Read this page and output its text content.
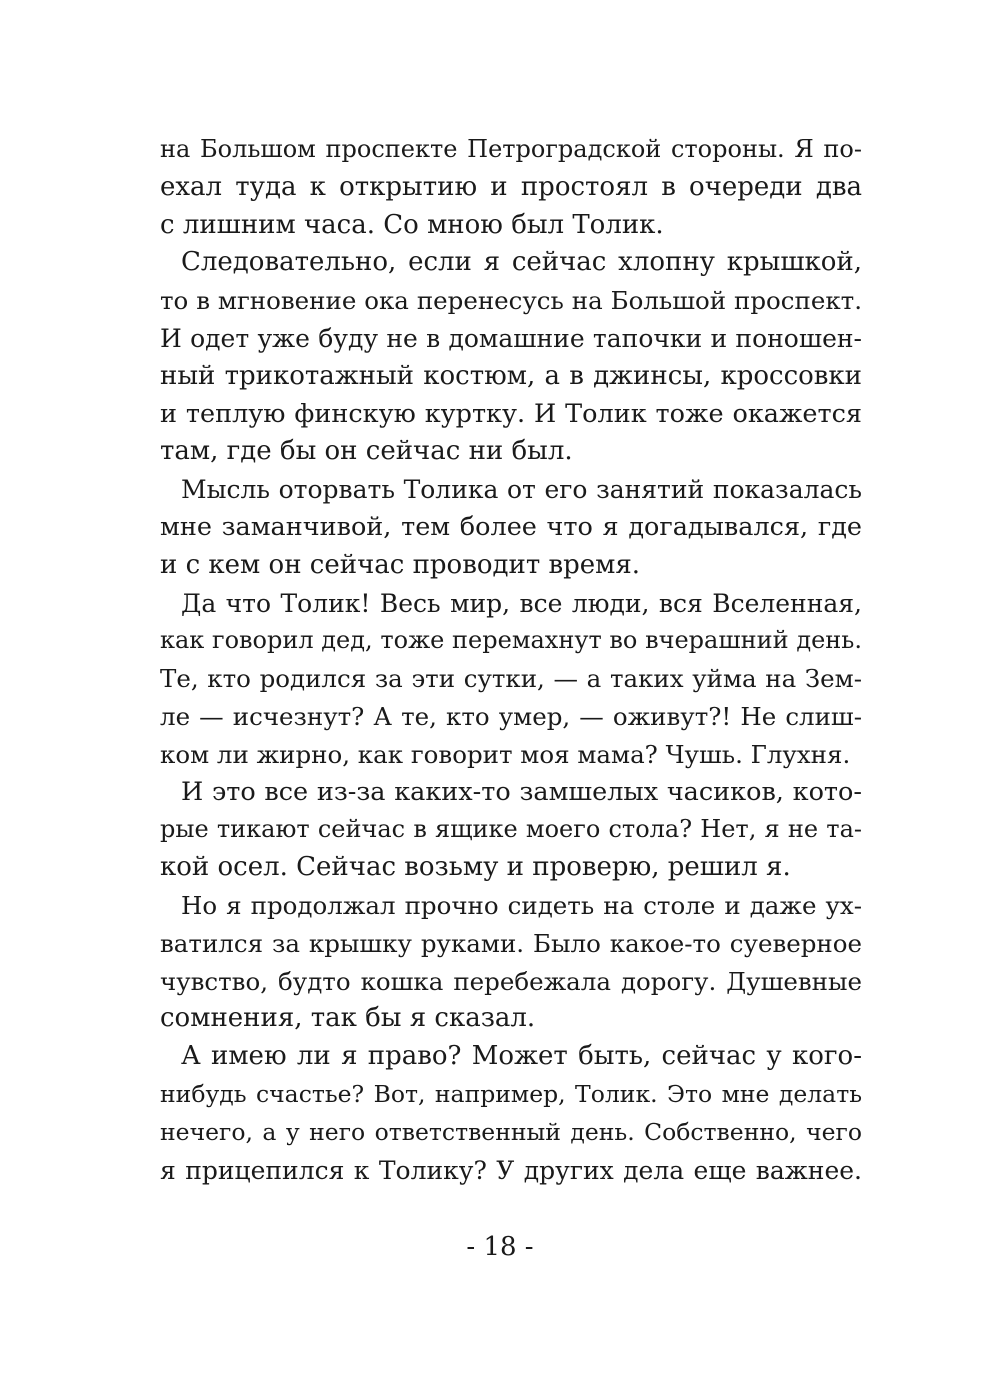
на Большом проспекте Петроградской стороны. Я по-
ехал туда к открытию и простоял в очереди два
с лишним часа. Со мною был Толик.
Следовательно, если я сейчас хлопну крышкой,
то в мгновение ока перенесусь на Большой проспект.
И одет уже буду не в домашние тапочки и поношен-
ный трикотажный костюм, а в джинсы, кроссовки
и теплую финскую куртку. И Толик тоже окажется
там, где бы он сейчас ни был.
Мысль оторвать Толика от его занятий показалась
мне заманчивой, тем более что я догадывался, где
и с кем он сейчас проводит время.
Да что Толик! Весь мир, все люди, вся Вселенная,
как говорил дед, тоже перемахнут во вчерашний день.
Те, кто родился за эти сутки, — а таких уйма на Зем-
ле — исчезнут? А те, кто умер, — оживут?! Не слиш-
ком ли жирно, как говорит моя мама? Чушь. Глухня.
И это все из-за каких-то замшелых часиков, кото-
рые тикают сейчас в ящике моего стола? Нет, я не та-
кой осел. Сейчас возьму и проверю, решил я.
Но я продолжал прочно сидеть на столе и даже ух-
ватился за крышку руками. Было какое-то суеверное
чувство, будто кошка перебежала дорогу. Душевные
сомнения, так бы я сказал.
А имею ли я право? Может быть, сейчас у кого-
нибудь счастье? Вот, например, Толик. Это мне делать
нечего, а у него ответственный день. Собственно, чего
я прицепился к Толику? У других дела еще важнее.
- 18 -
